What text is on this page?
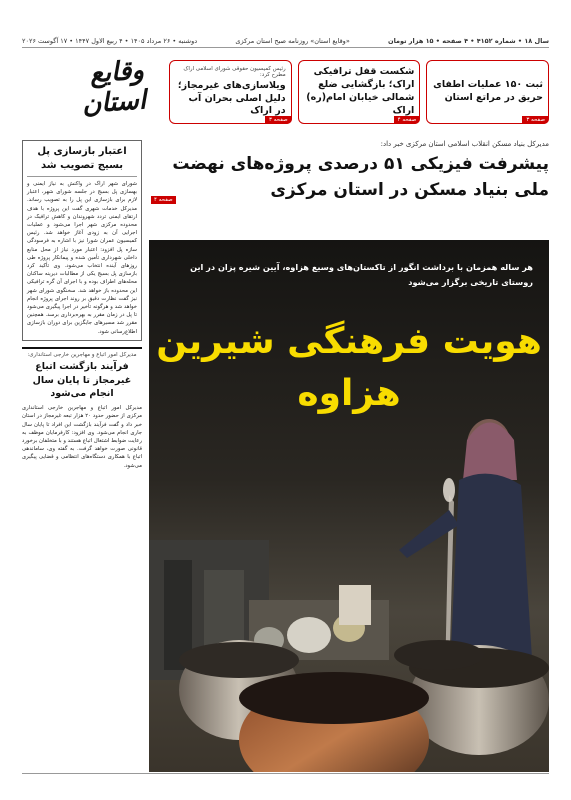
سال ۱۸ • شماره ۴۱۵۲ • ۴ صفحه • ۱۵ هزار تومان
«وقایع استان» روزنامه صبح استان مرکزی
دوشنبه • ۲۶ مرداد ۱۴۰۵ • ۴ ربیع الاول ۱۴۴۷ • ۱۷ آگوست ۲۰۲۶
ثبت ۱۵۰ عملیات اطفای حریق در مراتع استان
صفحه ۳
شکست قفل ترافیکی اراک؛ بازگشایی ضلع شمالی خیابان امام(ره) اراک
صفحه ۴
رئیس کمیسیون حقوقی شورای اسلامی اراک مطرح کرد:
ویلاسازی‌های غیرمجاز؛ دلیل اصلی بحران آب در اراک
صفحه ۳
وقایع استان
اعتبار بازسازی پل بسیج تصویب شد
شورای شهر اراک در واکنش به نیاز ایمنی و بهسازی پل بسیج در جلسه شورای شهر، اعتبار لازم برای بازسازی این پل را به تصویب رساند. مدیرکل خدمات شهری گفت این پروژه با هدف ارتقای ایمنی تردد شهروندان و کاهش ترافیک در محدوده مرکزی شهر اجرا می‌شود و عملیات اجرایی آن به زودی آغاز خواهد شد. رئیس کمیسیون عمران شورا نیز با اشاره به فرسودگی سازه پل افزود: اعتبار مورد نیاز از محل منابع داخلی شهرداری تأمین شده و پیمانکار پروژه طی روزهای آینده انتخاب می‌شود. وی تأکید کرد بازسازی پل بسیج یکی از مطالبات دیرینه ساکنان محله‌های اطراف بوده و با اجرای آن گره ترافیکی این محدوده باز خواهد شد. سخنگوی شورای شهر نیز گفت نظارت دقیق بر روند اجرای پروژه انجام خواهد شد و هرگونه تأخیر در اجرا پیگیری می‌شود تا پل در زمان مقرر به بهره‌برداری برسد. همچنین مقرر شد مسیرهای جایگزین برای دوران بازسازی اطلاع‌رسانی شود.
مدیرکل امور اتباع و مهاجرین خارجی استانداری:
فرآیند بازگشت اتباع غیرمجاز تا پایان سال انجام می‌شود
مدیرکل امور اتباع و مهاجرین خارجی استانداری مرکزی از حضور حدود ۲۰ هزار تبعه غیرمجاز در استان خبر داد و گفت فرآیند بازگشت این افراد تا پایان سال جاری انجام می‌شود. وی افزود: کارفرمایان موظف به رعایت ضوابط اشتغال اتباع هستند و با متخلفان برخورد قانونی صورت خواهد گرفت. به گفته وی، ساماندهی اتباع با همکاری دستگاه‌های انتظامی و قضایی پیگیری می‌شود.
مدیرکل بنیاد مسکن انقلاب اسلامی استان مرکزی خبر داد:
پیشرفت فیزیکی ۵۱ درصدی پروژه‌های نهضت ملی بنیاد مسکن در استان مرکزی
صفحه ۴
هر ساله همزمان با برداشت انگور از تاکستان‌های وسیع هزاوه، آیین شیره پزان در این روستای تاریخی برگزار می‌شود
هویت فرهنگی شیرین هزاوه
